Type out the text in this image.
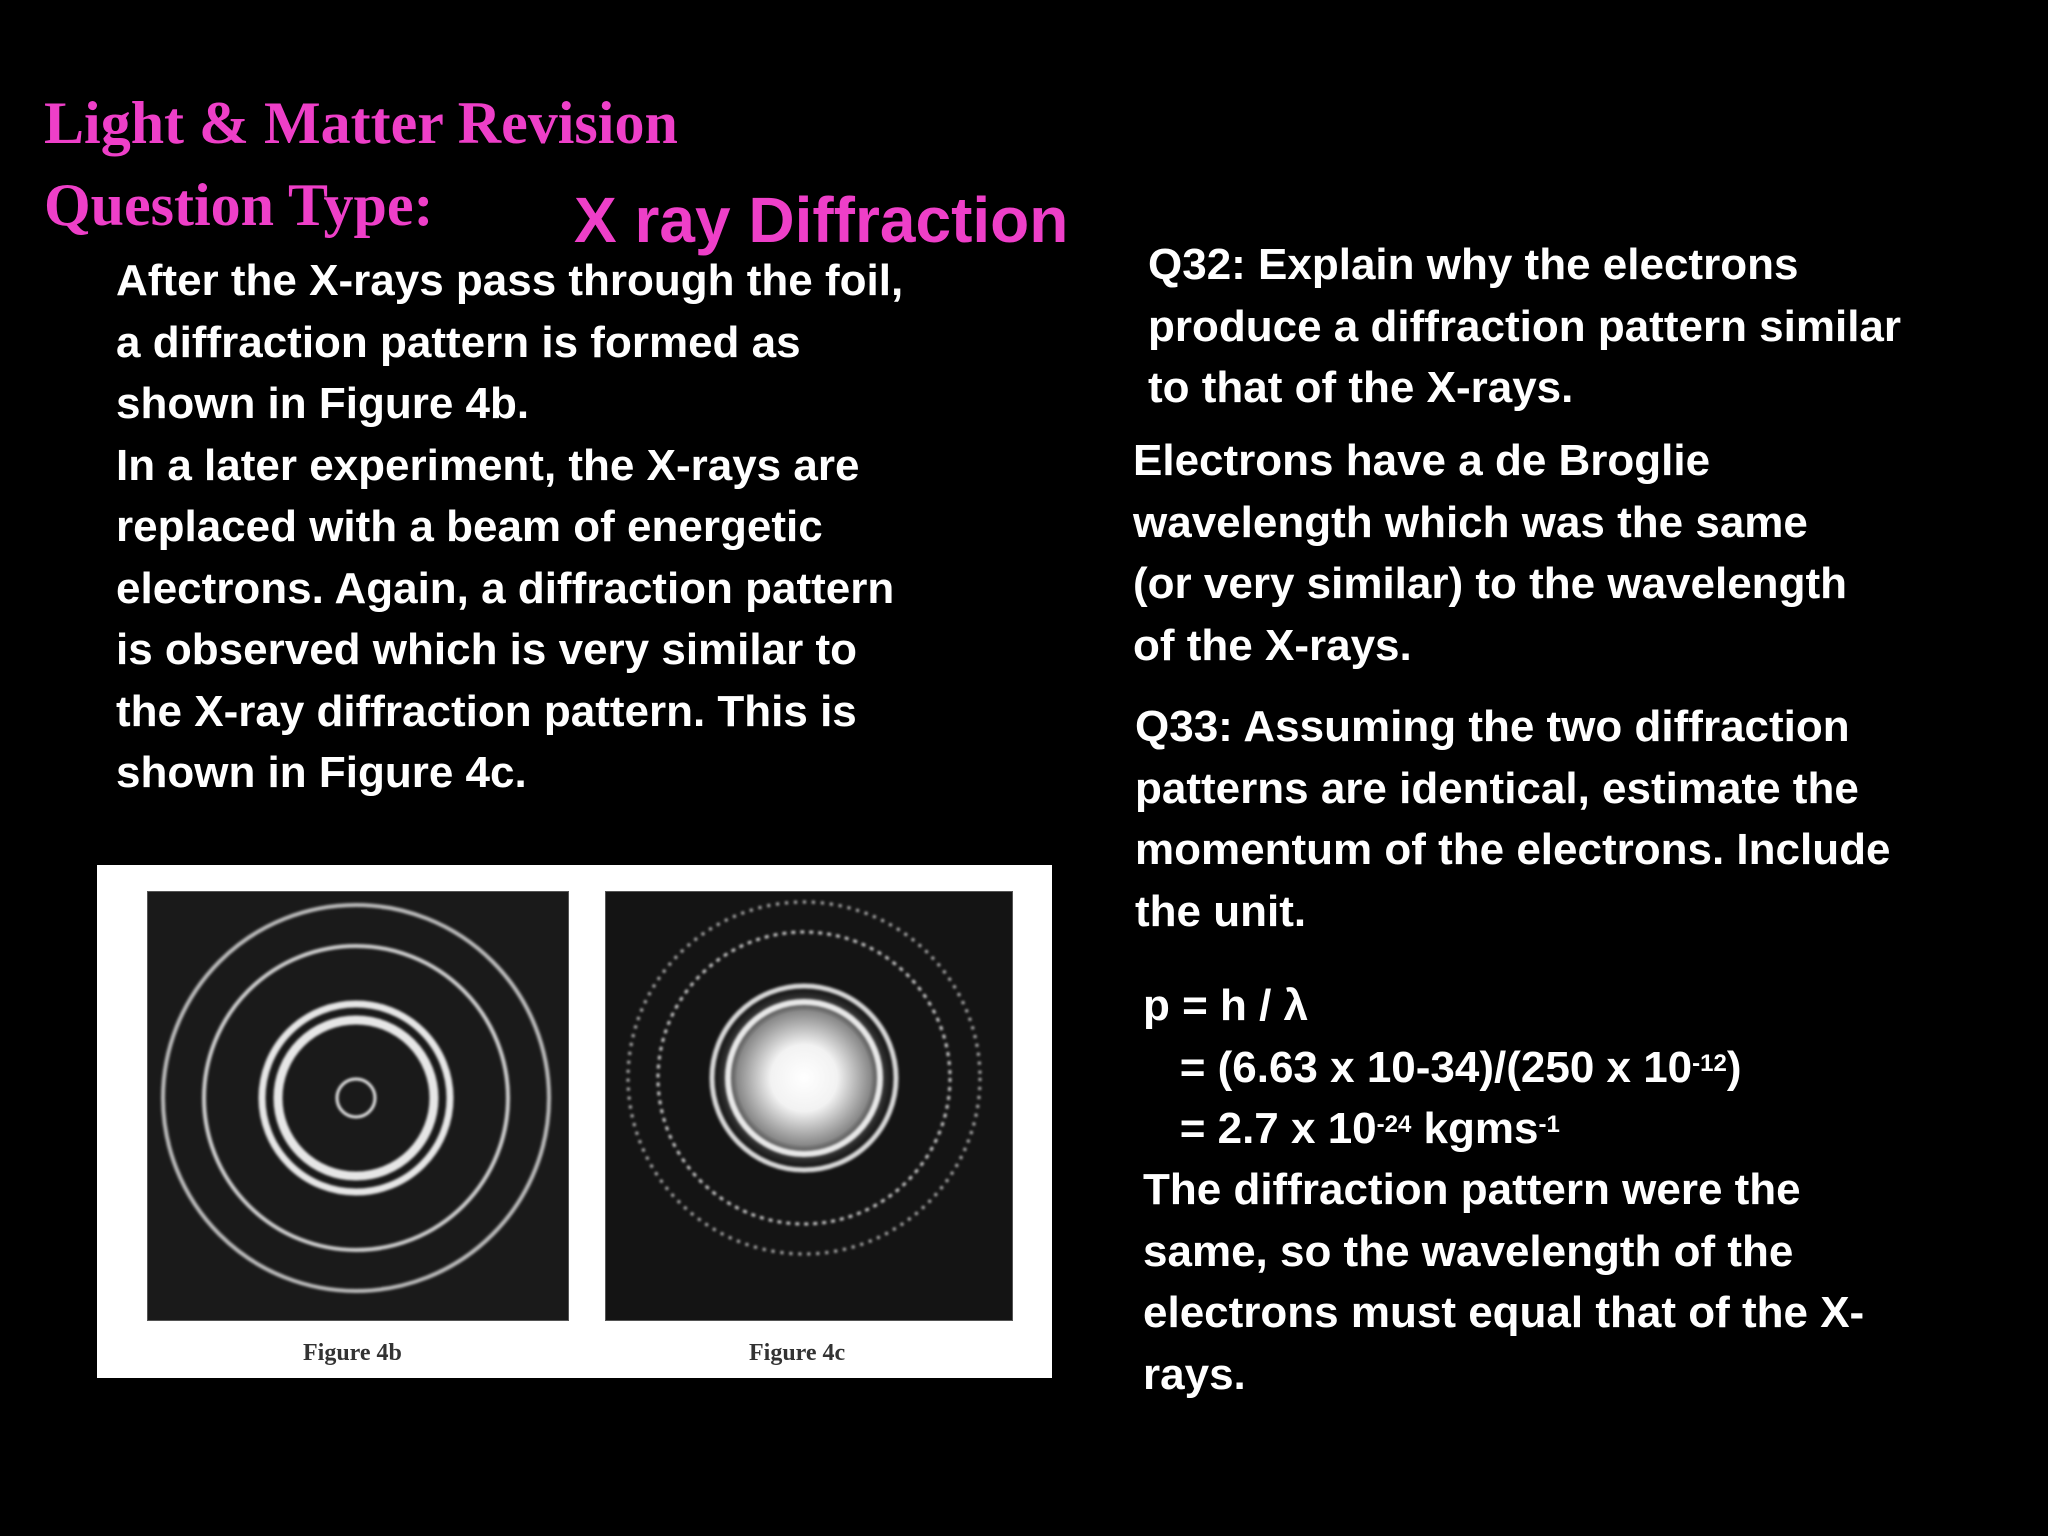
Light & Matter Revision
Question Type: X ray Diffraction
After the X-rays pass through the foil,
a diffraction pattern is formed as
shown in Figure 4b.
In a later experiment, the X-rays are
replaced with a beam of energetic
electrons. Again, a diffraction pattern
is observed which is very similar to
the X-ray diffraction pattern. This is
shown in Figure 4c.
Q32: Explain why the electrons
produce a diffraction pattern similar
to that of the X-rays.
Electrons have a de Broglie
wavelength which was the same
(or very similar) to the wavelength
of the X-rays.
Q33: Assuming the two diffraction
patterns are identical, estimate the
momentum of the electrons. Include
the unit.
p = h / λ
= (6.63 x 10-34)/(250 x $10^{-12}$)
= 2.7 x $10^{-24}$ kgms$^{-1}$
The diffraction pattern were the
same, so the wavelength of the
electrons must equal that of the X-
rays.
Figure 4b	Figure 4c
